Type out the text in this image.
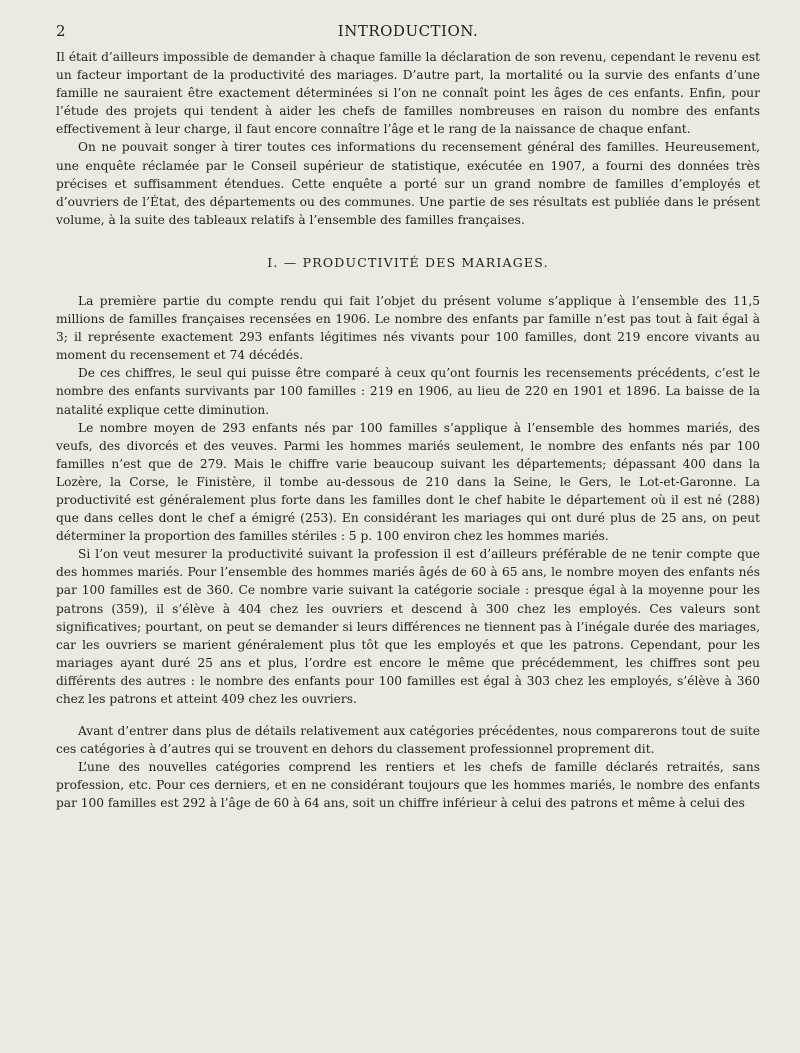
2	INTRODUCTION.

Il était d’ailleurs impossible de demander à chaque famille la déclaration de son revenu, cependant le revenu est un facteur important de la productivité des mariages. D’autre part, la mortalité ou la survie des enfants d’une famille ne sauraient être exactement déterminées si l’on ne connaît point les âges de ces enfants. Enfin, pour l’étude des projets qui tendent à aider les chefs de familles nombreuses en raison du nombre des enfants effectivement à leur charge, il faut encore connaître l’âge et le rang de la naissance de chaque enfant.

On ne pouvait songer à tirer toutes ces informations du recensement général des familles. Heureusement, une enquête réclamée par le Conseil supérieur de statistique, exécutée en 1907, a fourni des données très précises et suffisamment étendues. Cette enquête a porté sur un grand nombre de familles d’employés et d’ouvriers de l’État, des départements ou des communes. Une partie de ses résultats est publiée dans le présent volume, à la suite des tableaux relatifs à l’ensemble des familles françaises.

I. — PRODUCTIVITÉ DES MARIAGES.

La première partie du compte rendu qui fait l’objet du présent volume s’applique à l’ensemble des 11,5 millions de familles françaises recensées en 1906. Le nombre des enfants par famille n’est pas tout à fait égal à 3; il représente exactement 293 enfants légitimes nés vivants pour 100 familles, dont 219 encore vivants au moment du recensement et 74 décédés.

De ces chiffres, le seul qui puisse être comparé à ceux qu’ont fournis les recensements précédents, c’est le nombre des enfants survivants par 100 familles : 219 en 1906, au lieu de 220 en 1901 et 1896. La baisse de la natalité explique cette diminution.

Le nombre moyen de 293 enfants nés par 100 familles s’applique à l’ensemble des hommes mariés, des veufs, des divorcés et des veuves. Parmi les hommes mariés seulement, le nombre des enfants nés par 100 familles n’est que de 279. Mais le chiffre varie beaucoup suivant les départements; dépassant 400 dans la Lozère, la Corse, le Finistère, il tombe au-dessous de 210 dans la Seine, le Gers, le Lot-et-Garonne. La productivité est généralement plus forte dans les familles dont le chef habite le département où il est né (288) que dans celles dont le chef a émigré (253). En considérant les mariages qui ont duré plus de 25 ans, on peut déterminer la proportion des familles stériles : 5 p. 100 environ chez les hommes mariés.

Si l’on veut mesurer la productivité suivant la profession il est d’ailleurs préférable de ne tenir compte que des hommes mariés. Pour l’ensemble des hommes mariés âgés de 60 à 65 ans, le nombre moyen des enfants nés par 100 familles est de 360. Ce nombre varie suivant la catégorie sociale : presque égal à la moyenne pour les patrons (359), il s’élève à 404 chez les ouvriers et descend à 300 chez les employés. Ces valeurs sont significatives; pourtant, on peut se demander si leurs différences ne tiennent pas à l’inégale durée des mariages, car les ouvriers se marient généralement plus tôt que les employés et que les patrons. Cependant, pour les mariages ayant duré 25 ans et plus, l’ordre est encore le même que précédemment, les chiffres sont peu différents des autres : le nombre des enfants pour 100 familles est égal à 303 chez les employés, s’élève à 360 chez les patrons et atteint 409 chez les ouvriers.

Avant d’entrer dans plus de détails relativement aux catégories précédentes, nous comparerons tout de suite ces catégories à d’autres qui se trouvent en dehors du classement professionnel proprement dit.

L’une des nouvelles catégories comprend les rentiers et les chefs de famille déclarés retraités, sans profession, etc. Pour ces derniers, et en ne considérant toujours que les hommes mariés, le nombre des enfants par 100 familles est 292 à l’âge de 60 à 64 ans, soit un chiffre inférieur à celui des patrons et même à celui des
